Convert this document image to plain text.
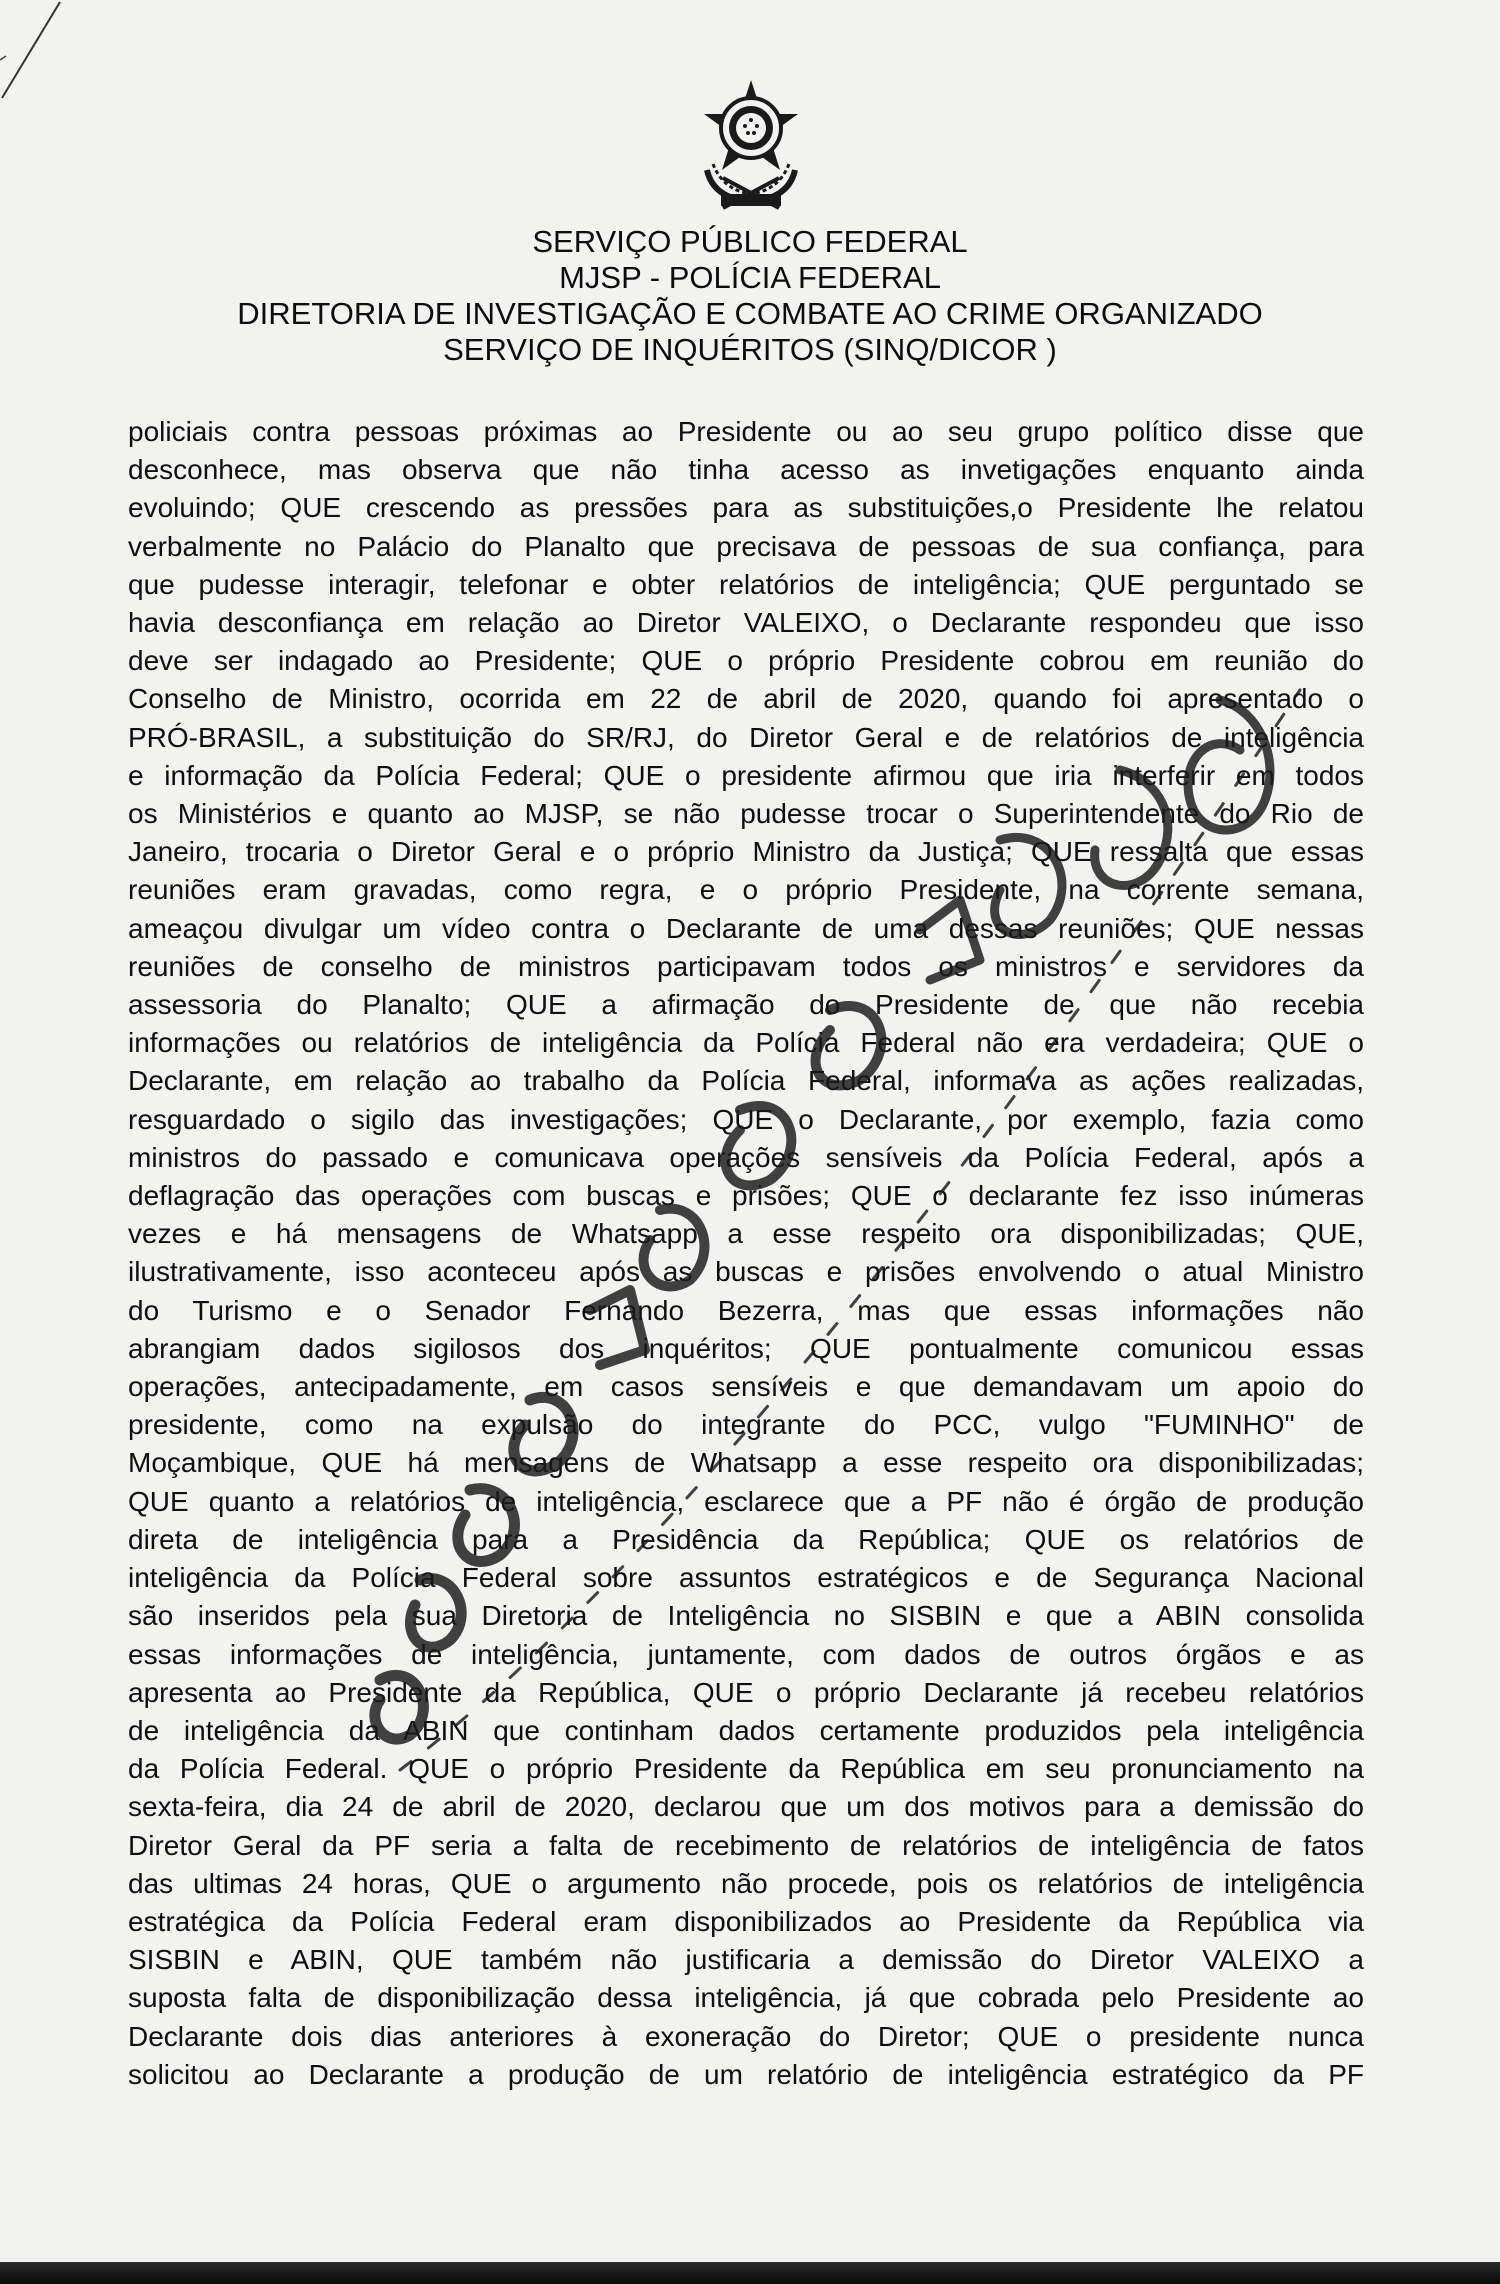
SERVIÇO PÚBLICO FEDERAL
MJSP - POLÍCIA FEDERAL
DIRETORIA DE INVESTIGAÇÃO E COMBATE AO CRIME ORGANIZADO
SERVIÇO DE INQUÉRITOS (SINQ/DICOR )
policiais contra pessoas próximas ao Presidente ou ao seu grupo político disse que
desconhece, mas observa que não tinha acesso as invetigações enquanto ainda
evoluindo; QUE crescendo as pressões para as substituições,o Presidente lhe relatou
verbalmente no Palácio do Planalto que precisava de pessoas de sua confiança, para
que pudesse interagir, telefonar e obter relatórios de inteligência; QUE perguntado se
havia desconfiança em relação ao Diretor VALEIXO, o Declarante respondeu que isso
deve ser indagado ao Presidente; QUE o próprio Presidente cobrou em reunião do
Conselho de Ministro, ocorrida em 22 de abril de 2020, quando foi apresentado o
PRÓ-BRASIL, a substituição do SR/RJ, do Diretor Geral e de relatórios de inteligência
e informação da Polícia Federal; QUE o presidente afirmou que iria interferir em todos
os Ministérios e quanto ao MJSP, se não pudesse trocar o Superintendente do Rio de
Janeiro, trocaria o Diretor Geral e o próprio Ministro da Justiça; QUE ressalta que essas
reuniões eram gravadas, como regra, e o próprio Presidente, na corrente semana,
ameaçou divulgar um vídeo contra o Declarante de uma dessas reuniões; QUE nessas
reuniões de conselho de ministros participavam todos os ministros e servidores da
assessoria do Planalto; QUE a afirmação do Presidente de que não recebia
informações ou relatórios de inteligência da Polícia Federal não era verdadeira; QUE o
Declarante, em relação ao trabalho da Polícia Federal, informava as ações realizadas,
resguardado o sigilo das investigações; QUE o Declarante, por exemplo, fazia como
ministros do passado e comunicava operações sensíveis da Polícia Federal, após a
deflagração das operações com buscas e prisões; QUE o declarante fez isso inúmeras
vezes e há mensagens de Whatsapp a esse respeito ora disponibilizadas; QUE,
ilustrativamente, isso aconteceu após as buscas e prisões envolvendo o atual Ministro
do Turismo e o Senador Fernando Bezerra, mas que essas informações não
abrangiam dados sigilosos dos inquéritos; QUE pontualmente comunicou essas
operações, antecipadamente, em casos sensíveis e que demandavam um apoio do
presidente, como na expulsão do integrante do PCC, vulgo "FUMINHO" de
Moçambique, QUE há mensagens de Whatsapp a esse respeito ora disponibilizadas;
QUE quanto a relatórios de inteligência, esclarece que a PF não é órgão de produção
direta de inteligência para a Presidência da República; QUE os relatórios de
inteligência da Polícia Federal sobre assuntos estratégicos e de Segurança Nacional
são inseridos pela sua Diretoria de Inteligência no SISBIN e que a ABIN consolida
essas informações de inteligência, juntamente, com dados de outros órgãos e as
apresenta ao Presidente da República, QUE o próprio Declarante já recebeu relatórios
de inteligência da ABIN que continham dados certamente produzidos pela inteligência
da Polícia Federal. QUE o próprio Presidente da República em seu pronunciamento na
sexta-feira, dia 24 de abril de 2020, declarou que um dos motivos para a demissão do
Diretor Geral da PF seria a falta de recebimento de relatórios de inteligência de fatos
das ultimas 24 horas, QUE o argumento não procede, pois os relatórios de inteligência
estratégica da Polícia Federal eram disponibilizados ao Presidente da República via
SISBIN e ABIN, QUE também não justificaria a demissão do Diretor VALEIXO a
suposta falta de disponibilização dessa inteligência, já que cobrada pelo Presidente ao
Declarante dois dias anteriores à exoneração do Diretor; QUE o presidente nunca
solicitou ao Declarante a produção de um relatório de inteligência estratégico da PF
